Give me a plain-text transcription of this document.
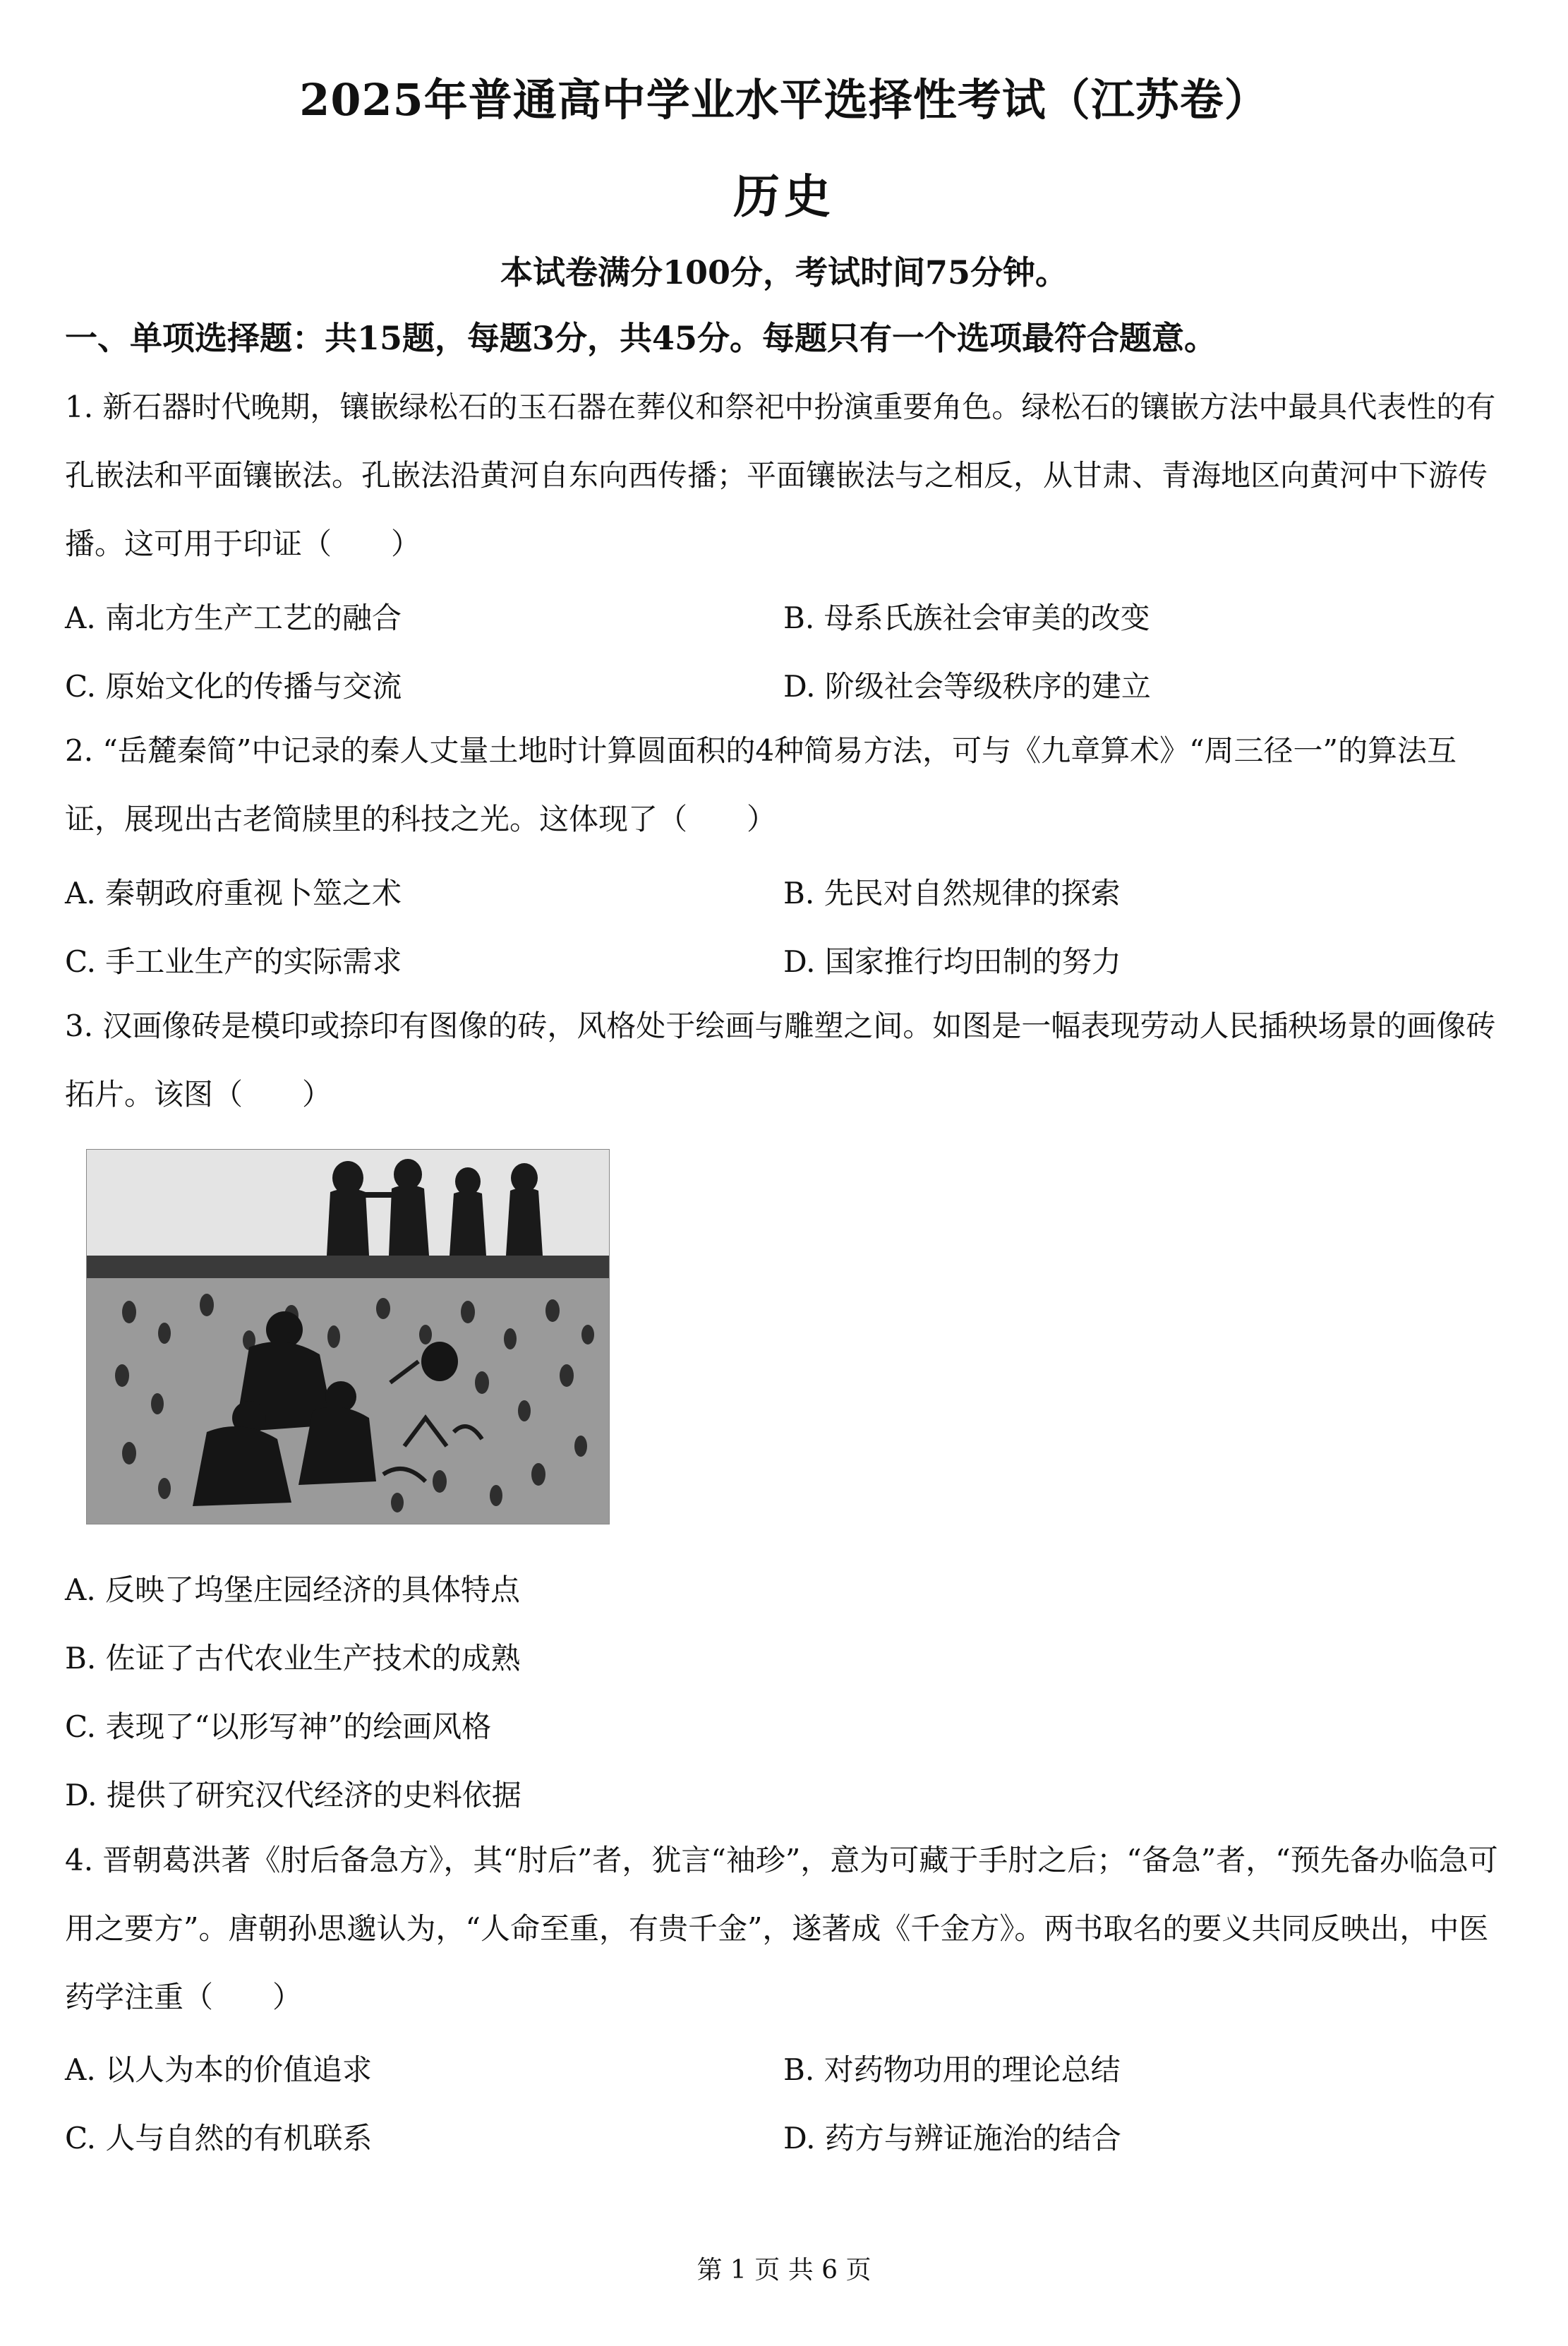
2025年普通高中学业水平选择性考试（江苏卷）
历史
本试卷满分100分，考试时间75分钟。
一、单项选择题：共15题，每题3分，共45分。每题只有一个选项最符合题意。
1. 新石器时代晚期，镶嵌绿松石的玉石器在葬仪和祭祀中扮演重要角色。绿松石的镶嵌方法中最具代表性的有孔嵌法和平面镶嵌法。孔嵌法沿黄河自东向西传播；平面镶嵌法与之相反，从甘肃、青海地区向黄河中下游传播。这可用于印证（　　）
A. 南北方生产工艺的融合	B. 母系氏族社会审美的改变
C. 原始文化的传播与交流	D. 阶级社会等级秩序的建立
2. “岳麓秦简”中记录的秦人丈量土地时计算圆面积的4种简易方法，可与《九章算术》“周三径一”的算法互证，展现出古老简牍里的科技之光。这体现了（　　）
A. 秦朝政府重视卜筮之术	B. 先民对自然规律的探索
C. 手工业生产的实际需求	D. 国家推行均田制的努力
3. 汉画像砖是模印或捺印有图像的砖，风格处于绘画与雕塑之间。如图是一幅表现劳动人民插秧场景的画像砖拓片。该图（　　）
A. 反映了坞堡庄园经济的具体特点
B. 佐证了古代农业生产技术的成熟
C. 表现了“以形写神”的绘画风格
D. 提供了研究汉代经济的史料依据
4. 晋朝葛洪著《肘后备急方》，其“肘后”者，犹言“袖珍”，意为可藏于手肘之后；“备急”者，“预先备办临急可用之要方”。唐朝孙思邈认为，“人命至重，有贵千金”，遂著成《千金方》。两书取名的要义共同反映出，中医药学注重（　　）
A. 以人为本的价值追求	B. 对药物功用的理论总结
C. 人与自然的有机联系	D. 药方与辨证施治的结合
第 1 页 共 6 页
